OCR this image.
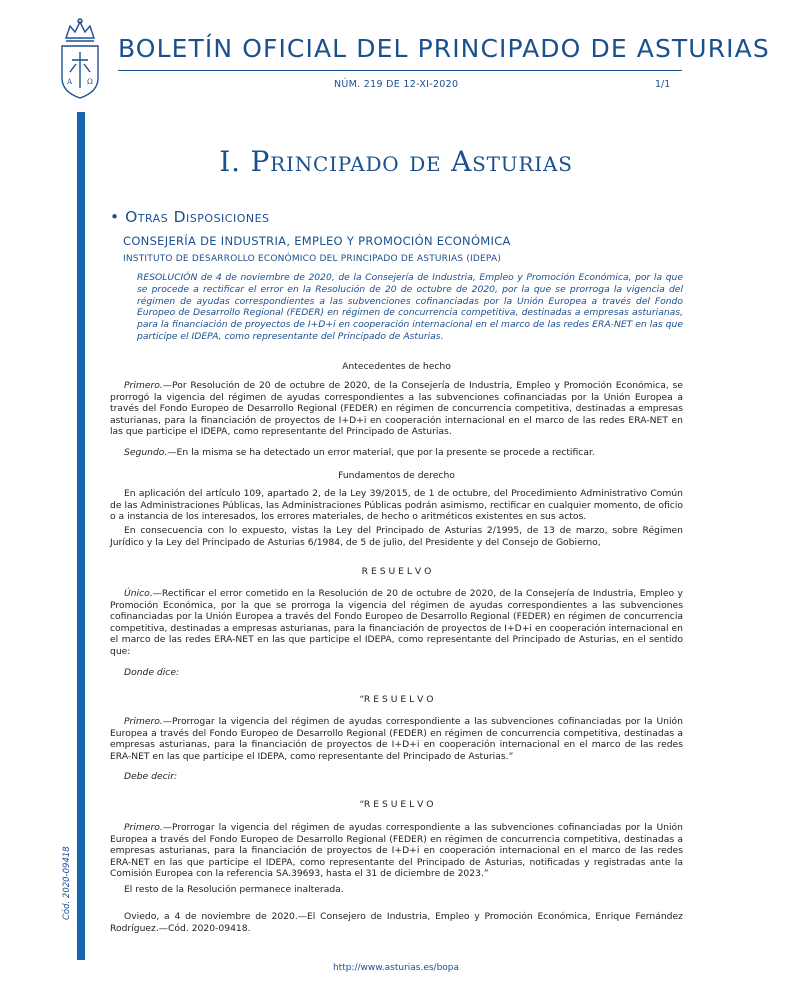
A Ω
BOLETÍN OFICIAL DEL PRINCIPADO DE ASTURIAS
NÚM. 219 DE 12-XI-2020	1/1
Cód. 2020-09418
I. Principado de Asturias
• Otras Disposiciones
CONSEJERÍA DE INDUSTRIA, EMPLEO Y PROMOCIÓN ECONÓMICA
INSTITUTO DE DESARROLLO ECONÓMICO DEL PRINCIPADO DE ASTURIAS (IDEPA)

RESOLUCIÓN de 4 de noviembre de 2020, de la Consejería de Industria, Empleo y Promoción Económica, por la que se procede a rectificar el error en la Resolución de 20 de octubre de 2020, por la que se prorroga la vigencia del régimen de ayudas correspondientes a las subvenciones cofinanciadas por la Unión Europea a través del Fondo Europeo de Desarrollo Regional (FEDER) en régimen de concurrencia competitiva, destinadas a empresas asturianas, para la financiación de proyectos de I+D+i en cooperación internacional en el marco de las redes ERA-NET en las que participe el IDEPA, como representante del Principado de Asturias.

Antecedentes de hecho

Primero.—Por Resolución de 20 de octubre de 2020, de la Consejería de Industria, Empleo y Promoción Económica, se prorrogó la vigencia del régimen de ayudas correspondientes a las subvenciones cofinanciadas por la Unión Europea a través del Fondo Europeo de Desarrollo Regional (FEDER) en régimen de concurrencia competitiva, destinadas a empresas asturianas, para la financiación de proyectos de I+D+i en cooperación internacional en el marco de las redes ERA-NET en las que participe el IDEPA, como representante del Principado de Asturias.

Segundo.—En la misma se ha detectado un error material, que por la presente se procede a rectificar.

Fundamentos de derecho

En aplicación del artículo 109, apartado 2, de la Ley 39/2015, de 1 de octubre, del Procedimiento Administrativo Común de las Administraciones Públicas, las Administraciones Públicas podrán asimismo, rectificar en cualquier momento, de oficio o a instancia de los interesados, los errores materiales, de hecho o aritméticos existentes en sus actos.

En consecuencia con lo expuesto, vistas la Ley del Principado de Asturias 2/1995, de 13 de marzo, sobre Régimen Jurídico y la Ley del Principado de Asturias 6/1984, de 5 de julio, del Presidente y del Consejo de Gobierno,

R E S U E L V O

Único.—Rectificar el error cometido en la Resolución de 20 de octubre de 2020, de la Consejería de Industria, Empleo y Promoción Económica, por la que se prorroga la vigencia del régimen de ayudas correspondientes a las subvenciones cofinanciadas por la Unión Europea a través del Fondo Europeo de Desarrollo Regional (FEDER) en régimen de concurrencia competitiva, destinadas a empresas asturianas, para la financiación de proyectos de I+D+i en cooperación internacional en el marco de las redes ERA-NET en las que participe el IDEPA, como representante del Principado de Asturias, en el sentido que:

Donde dice:

“R E S U E L V O

Primero.—Prorrogar la vigencia del régimen de ayudas correspondiente a las subvenciones cofinanciadas por la Unión Europea a través del Fondo Europeo de Desarrollo Regional (FEDER) en régimen de concurrencia competitiva, destinadas a empresas asturianas, para la financiación de proyectos de I+D+i en cooperación internacional en el marco de las redes ERA-NET en las que participe el IDEPA, como representante del Principado de Asturias.”

Debe decir:

“R E S U E L V O

Primero.—Prorrogar la vigencia del régimen de ayudas correspondiente a las subvenciones cofinanciadas por la Unión Europea a través del Fondo Europeo de Desarrollo Regional (FEDER) en régimen de concurrencia competitiva, destinadas a empresas asturianas, para la financiación de proyectos de I+D+i en cooperación internacional en el marco de las redes ERA-NET en las que participe el IDEPA, como representante del Principado de Asturias, notificadas y registradas ante la Comisión Europea con la referencia SA.39693, hasta el 31 de diciembre de 2023.”

El resto de la Resolución permanece inalterada.

Oviedo, a 4 de noviembre de 2020.—El Consejero de Industria, Empleo y Promoción Económica, Enrique Fernández Rodríguez.—Cód. 2020-09418.

http://www.asturias.es/bopa
